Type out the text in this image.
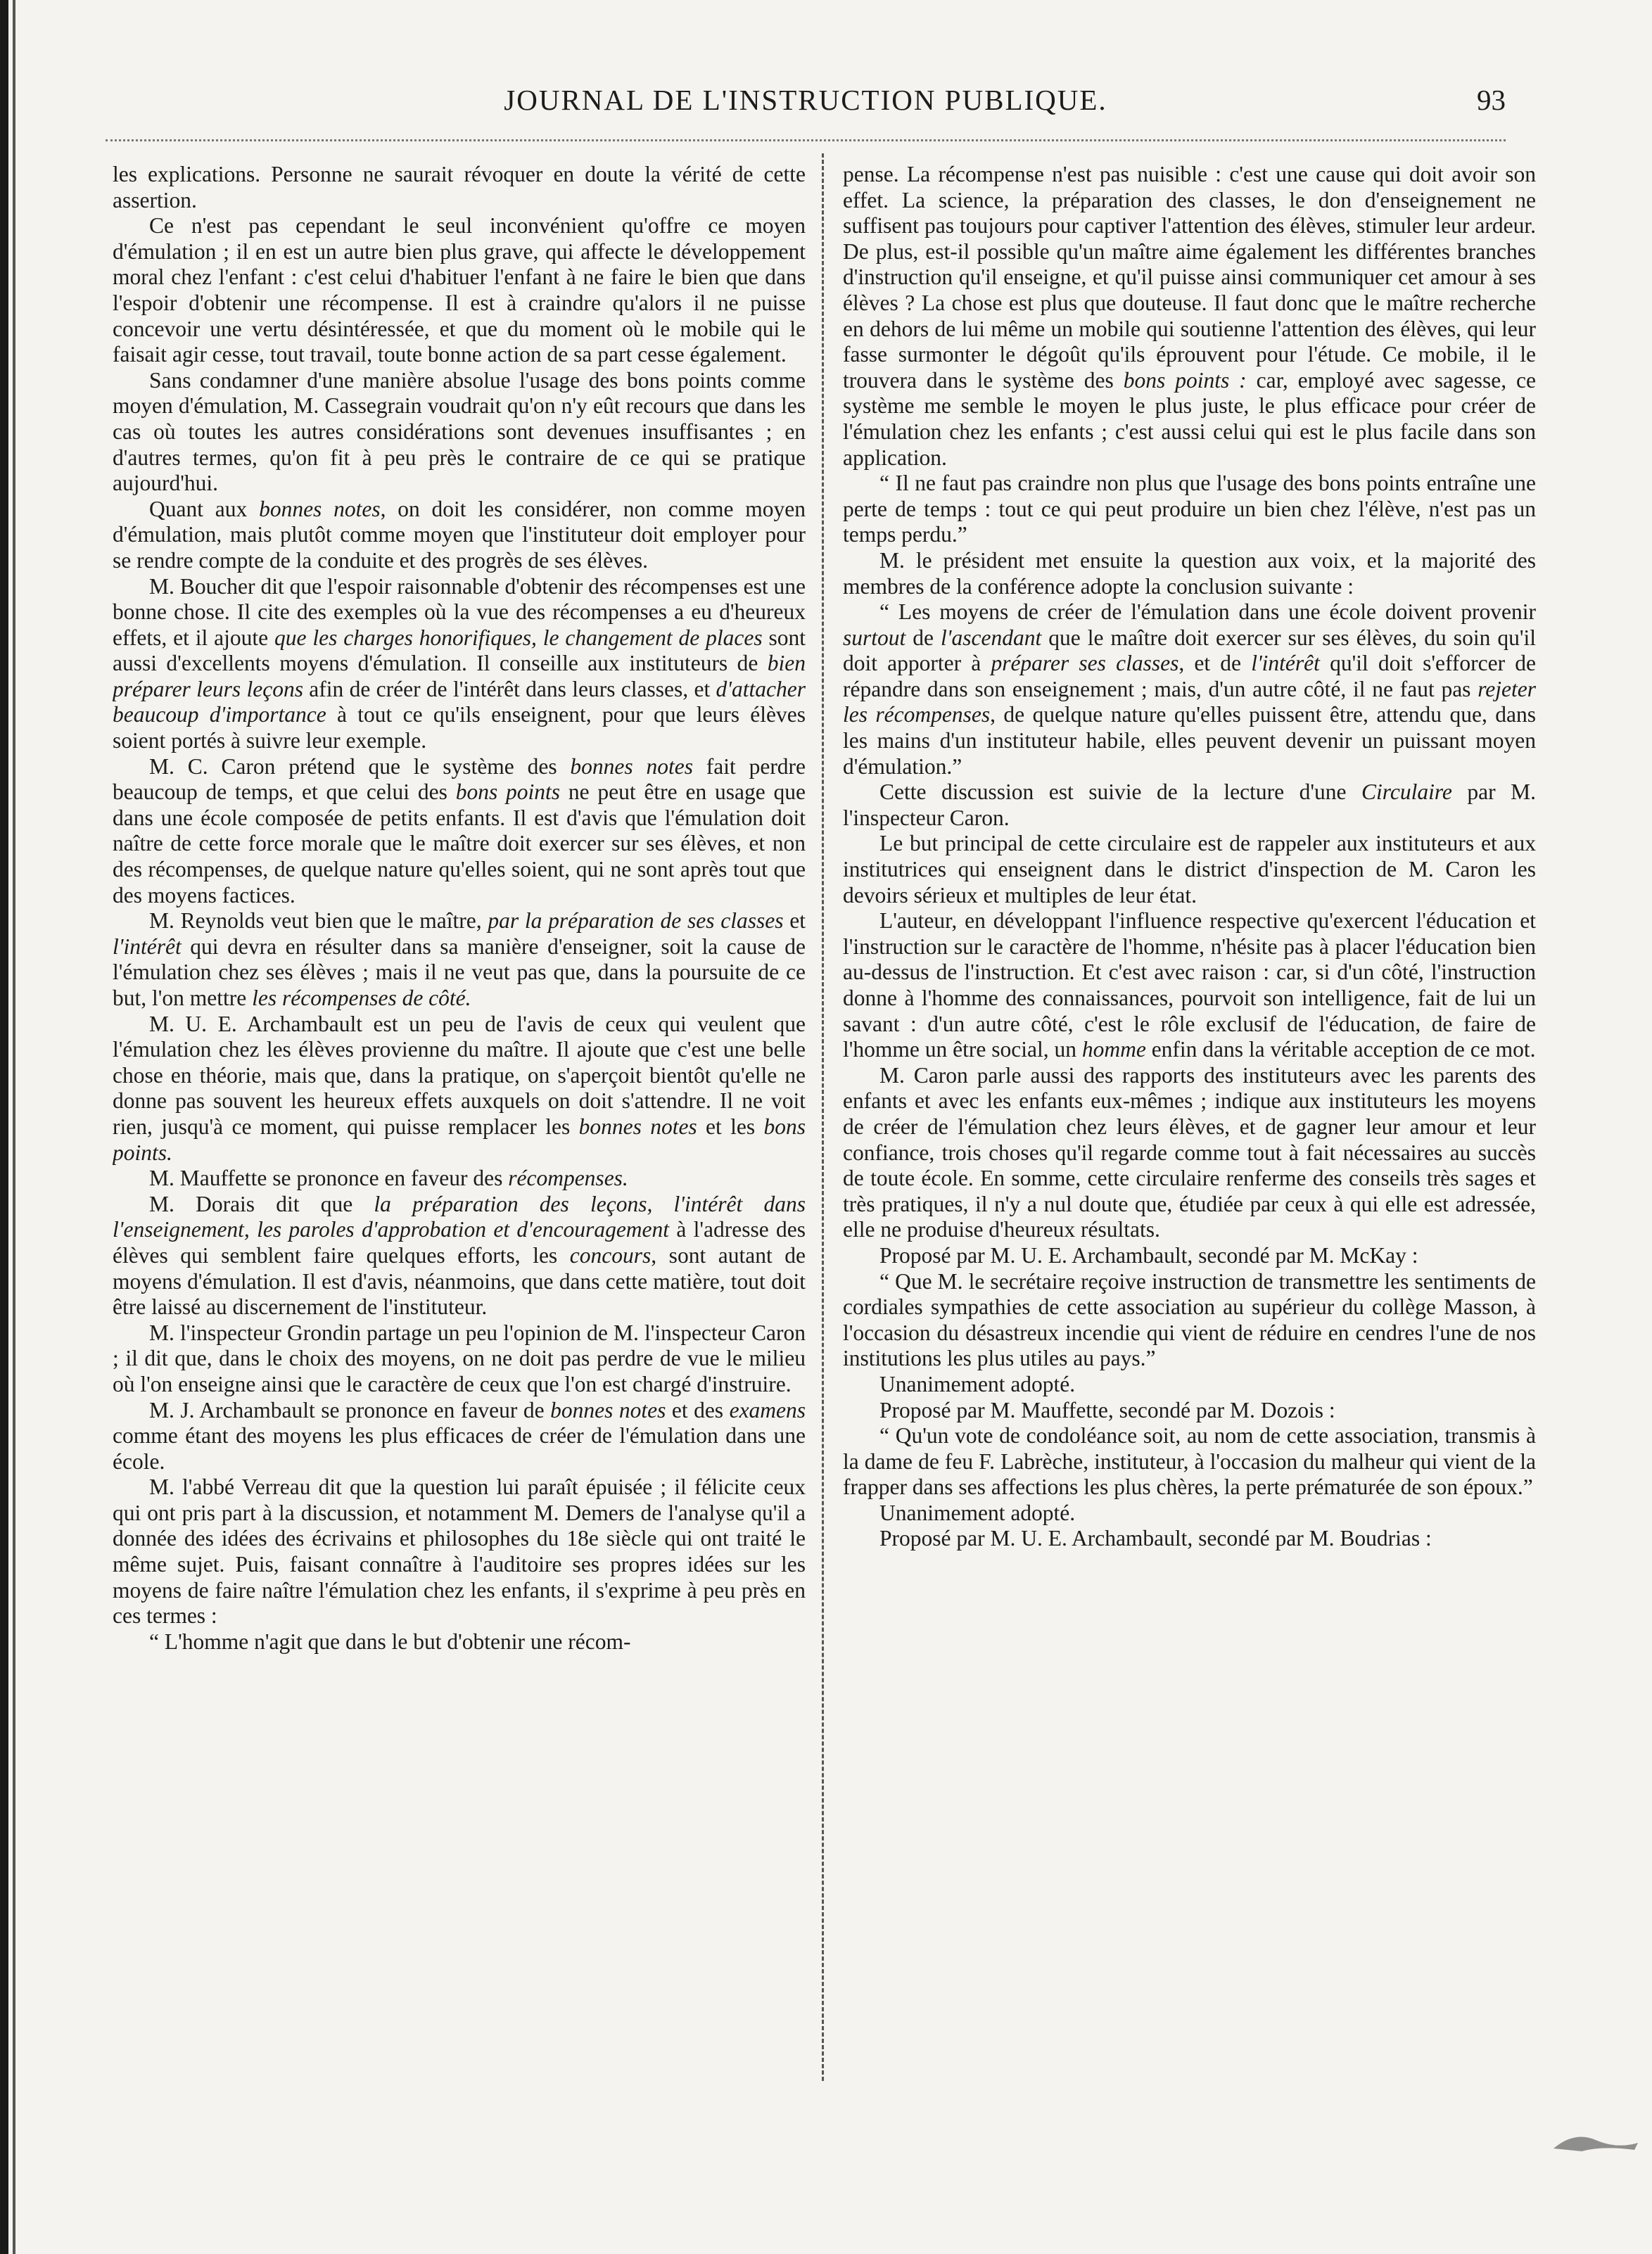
JOURNAL DE L'INSTRUCTION PUBLIQUE.	93

les explications. Personne ne saurait révoquer en doute la vérité de cette assertion.

Ce n'est pas cependant le seul inconvénient qu'offre ce moyen d'émulation ; il en est un autre bien plus grave, qui affecte le développement moral chez l'enfant : c'est celui d'habituer l'enfant à ne faire le bien que dans l'espoir d'obtenir une récompense. Il est à craindre qu'alors il ne puisse concevoir une vertu désintéressée, et que du moment où le mobile qui le faisait agir cesse, tout travail, toute bonne action de sa part cesse également.

Sans condamner d'une manière absolue l'usage des bons points comme moyen d'émulation, M. Cassegrain voudrait qu'on n'y eût recours que dans les cas où toutes les autres considérations sont devenues insuffisantes ; en d'autres termes, qu'on fit à peu près le contraire de ce qui se pratique aujourd'hui.

Quant aux bonnes notes, on doit les considérer, non comme moyen d'émulation, mais plutôt comme moyen que l'instituteur doit employer pour se rendre compte de la conduite et des progrès de ses élèves.

M. Boucher dit que l'espoir raisonnable d'obtenir des récompenses est une bonne chose. Il cite des exemples où la vue des récompenses a eu d'heureux effets, et il ajoute que les charges honorifiques, le changement de places sont aussi d'excellents moyens d'émulation. Il conseille aux instituteurs de bien préparer leurs leçons afin de créer de l'intérêt dans leurs classes, et d'attacher beaucoup d'importance à tout ce qu'ils enseignent, pour que leurs élèves soient portés à suivre leur exemple.

M. C. Caron prétend que le système des bonnes notes fait perdre beaucoup de temps, et que celui des bons points ne peut être en usage que dans une école composée de petits enfants. Il est d'avis que l'émulation doit naître de cette force morale que le maître doit exercer sur ses élèves, et non des récompenses, de quelque nature qu'elles soient, qui ne sont après tout que des moyens factices.

M. Reynolds veut bien que le maître, par la préparation de ses classes et l'intérêt qui devra en résulter dans sa manière d'enseigner, soit la cause de l'émulation chez ses élèves ; mais il ne veut pas que, dans la poursuite de ce but, l'on mettre les récompenses de côté.

M. U. E. Archambault est un peu de l'avis de ceux qui veulent que l'émulation chez les élèves provienne du maître. Il ajoute que c'est une belle chose en théorie, mais que, dans la pratique, on s'aperçoit bientôt qu'elle ne donne pas souvent les heureux effets auxquels on doit s'attendre. Il ne voit rien, jusqu'à ce moment, qui puisse remplacer les bonnes notes et les bons points.

M. Mauffette se prononce en faveur des récompenses.

M. Dorais dit que la préparation des leçons, l'intérêt dans l'enseignement, les paroles d'approbation et d'encouragement à l'adresse des élèves qui semblent faire quelques efforts, les concours, sont autant de moyens d'émulation. Il est d'avis, néanmoins, que dans cette matière, tout doit être laissé au discernement de l'instituteur.

M. l'inspecteur Grondin partage un peu l'opinion de M. l'inspecteur Caron ; il dit que, dans le choix des moyens, on ne doit pas perdre de vue le milieu où l'on enseigne ainsi que le caractère de ceux que l'on est chargé d'instruire.

M. J. Archambault se prononce en faveur de bonnes notes et des examens comme étant des moyens les plus efficaces de créer de l'émulation dans une école.

M. l'abbé Verreau dit que la question lui paraît épuisée ; il félicite ceux qui ont pris part à la discussion, et notamment M. Demers de l'analyse qu'il a donnée des idées des écrivains et philosophes du 18e siècle qui ont traité le même sujet. Puis, faisant connaître à l'auditoire ses propres idées sur les moyens de faire naître l'émulation chez les enfants, il s'exprime à peu près en ces termes :

“ L'homme n'agit que dans le but d'obtenir une récom-

pense. La récompense n'est pas nuisible : c'est une cause qui doit avoir son effet. La science, la préparation des classes, le don d'enseignement ne suffisent pas toujours pour captiver l'attention des élèves, stimuler leur ardeur. De plus, est-il possible qu'un maître aime également les différentes branches d'instruction qu'il enseigne, et qu'il puisse ainsi communiquer cet amour à ses élèves ? La chose est plus que douteuse. Il faut donc que le maître recherche en dehors de lui même un mobile qui soutienne l'attention des élèves, qui leur fasse surmonter le dégoût qu'ils éprouvent pour l'étude. Ce mobile, il le trouvera dans le système des bons points : car, employé avec sagesse, ce système me semble le moyen le plus juste, le plus efficace pour créer de l'émulation chez les enfants ; c'est aussi celui qui est le plus facile dans son application.

“ Il ne faut pas craindre non plus que l'usage des bons points entraîne une perte de temps : tout ce qui peut produire un bien chez l'élève, n'est pas un temps perdu.”

M. le président met ensuite la question aux voix, et la majorité des membres de la conférence adopte la conclusion suivante :

“ Les moyens de créer de l'émulation dans une école doivent provenir surtout de l'ascendant que le maître doit exercer sur ses élèves, du soin qu'il doit apporter à préparer ses classes, et de l'intérêt qu'il doit s'efforcer de répandre dans son enseignement ; mais, d'un autre côté, il ne faut pas rejeter les récompenses, de quelque nature qu'elles puissent être, attendu que, dans les mains d'un instituteur habile, elles peuvent devenir un puissant moyen d'émulation.”

Cette discussion est suivie de la lecture d'une Circulaire par M. l'inspecteur Caron.

Le but principal de cette circulaire est de rappeler aux instituteurs et aux institutrices qui enseignent dans le district d'inspection de M. Caron les devoirs sérieux et multiples de leur état.

L'auteur, en développant l'influence respective qu'exercent l'éducation et l'instruction sur le caractère de l'homme, n'hésite pas à placer l'éducation bien au-dessus de l'instruction. Et c'est avec raison : car, si d'un côté, l'instruction donne à l'homme des connaissances, pourvoit son intelligence, fait de lui un savant : d'un autre côté, c'est le rôle exclusif de l'éducation, de faire de l'homme un être social, un homme enfin dans la véritable acception de ce mot.

M. Caron parle aussi des rapports des instituteurs avec les parents des enfants et avec les enfants eux-mêmes ; indique aux instituteurs les moyens de créer de l'émulation chez leurs élèves, et de gagner leur amour et leur confiance, trois choses qu'il regarde comme tout à fait nécessaires au succès de toute école. En somme, cette circulaire renferme des conseils très sages et très pratiques, il n'y a nul doute que, étudiée par ceux à qui elle est adressée, elle ne produise d'heureux résultats.

Proposé par M. U. E. Archambault, secondé par M. McKay :

“ Que M. le secrétaire reçoive instruction de transmettre les sentiments de cordiales sympathies de cette association au supérieur du collège Masson, à l'occasion du désastreux incendie qui vient de réduire en cendres l'une de nos institutions les plus utiles au pays.”

Unanimement adopté.

Proposé par M. Mauffette, secondé par M. Dozois :

“ Qu'un vote de condoléance soit, au nom de cette association, transmis à la dame de feu F. Labrèche, instituteur, à l'occasion du malheur qui vient de la frapper dans ses affections les plus chères, la perte prématurée de son époux.”

Unanimement adopté.

Proposé par M. U. E. Archambault, secondé par M. Boudrias :
